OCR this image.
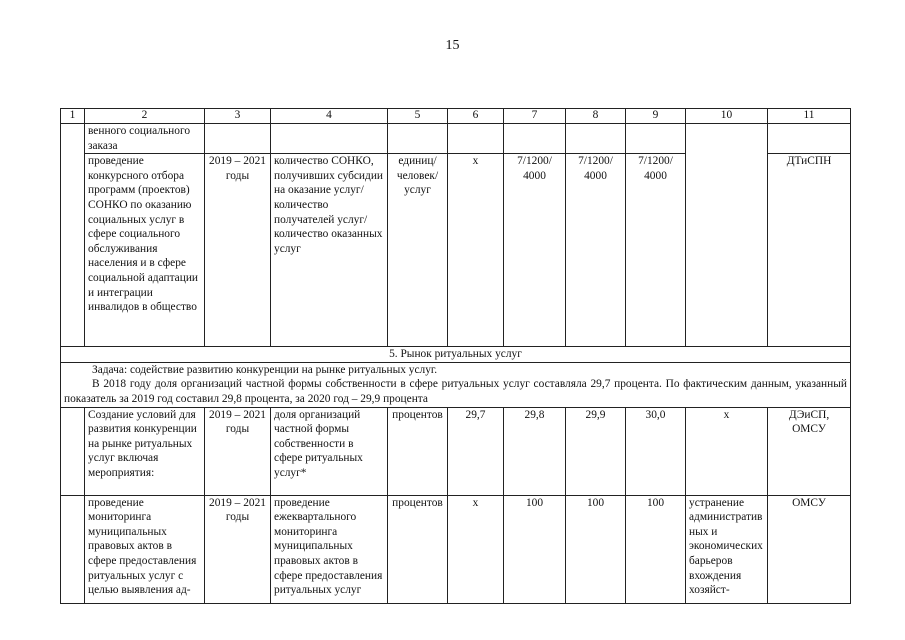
15
1	2	3	4	5	6	7	8	9	10	11
	венного социального заказа									
	проведение конкурсного отбора программ (проектов) СОНКО по оказанию социальных услуг в сфере социального обслуживания населения и в сфере социальной адаптации и интеграции инвалидов в общество	2019 – 2021 годы	количество СОНКО, получивших субсидии на оказание услуг/ количество получателей услуг/ количество оказанных услуг	единиц/ человек/ услуг	х	7/1200/ 4000	7/1200/ 4000	7/1200/ 4000		ДТиСПН
5. Рынок ритуальных услуг										

Задача: содействие развитию конкуренции на рынке ритуальных услуг.

В 2018 году доля организаций частной формы собственности в сфере ритуальных услуг составляла 29,7 процента. По фактическим данным, указанный показатель за 2019 год составил 29,8 процента, за 2020 год – 29,9 процента										

	Создание условий для развития конкуренции на рынке ритуальных услуг включая мероприятия:	2019 – 2021 годы	доля организаций частной формы собственности в сфере ритуальных услуг*	процентов	29,7	29,8	29,9	30,0	х	ДЭиСП, ОМСУ
	проведение мониторинга муниципальных правовых актов в сфере предоставления ритуальных услуг с целью выявления ад-	2019 – 2021 годы	проведение ежеквартального мониторинга муниципальных правовых актов в сфере предоставления ритуальных услуг	процентов	х	100	100	100	устранение административных и экономических барьеров вхождения хозяйст-	ОМСУ
